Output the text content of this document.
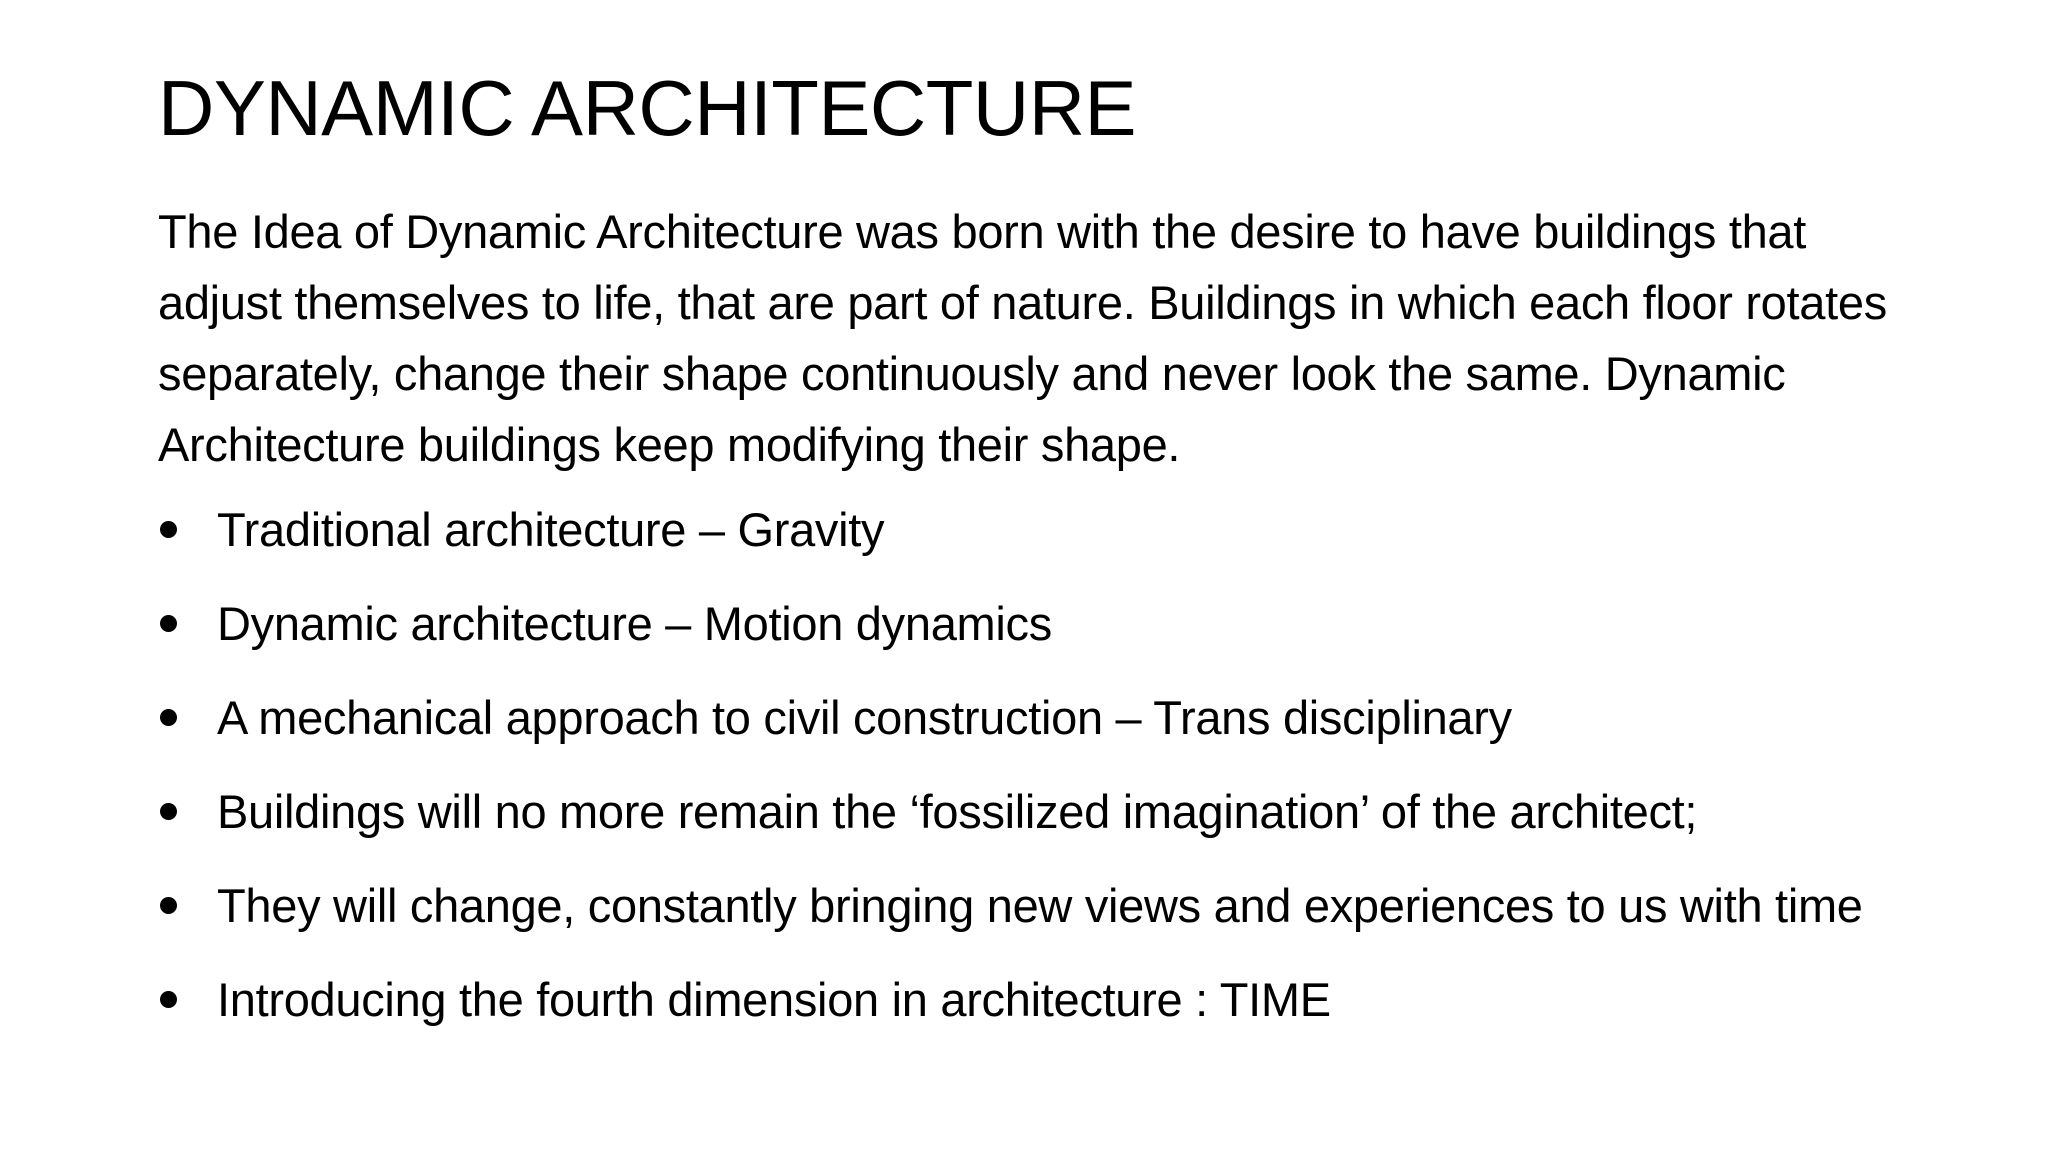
DYNAMIC ARCHITECTURE

The Idea of Dynamic Architecture was born with the desire to have buildings that adjust themselves to life, that are part of nature. Buildings in which each floor rotates separately, change their shape continuously and never look the same. Dynamic Architecture buildings keep modifying their shape.

Traditional architecture – Gravity
Dynamic architecture – Motion dynamics
A mechanical approach to civil construction – Trans disciplinary
Buildings will no more remain the ‘fossilized imagination’ of the architect;
They will change, constantly bringing new views and experiences to us with time
Introducing the fourth dimension in architecture : TIME
